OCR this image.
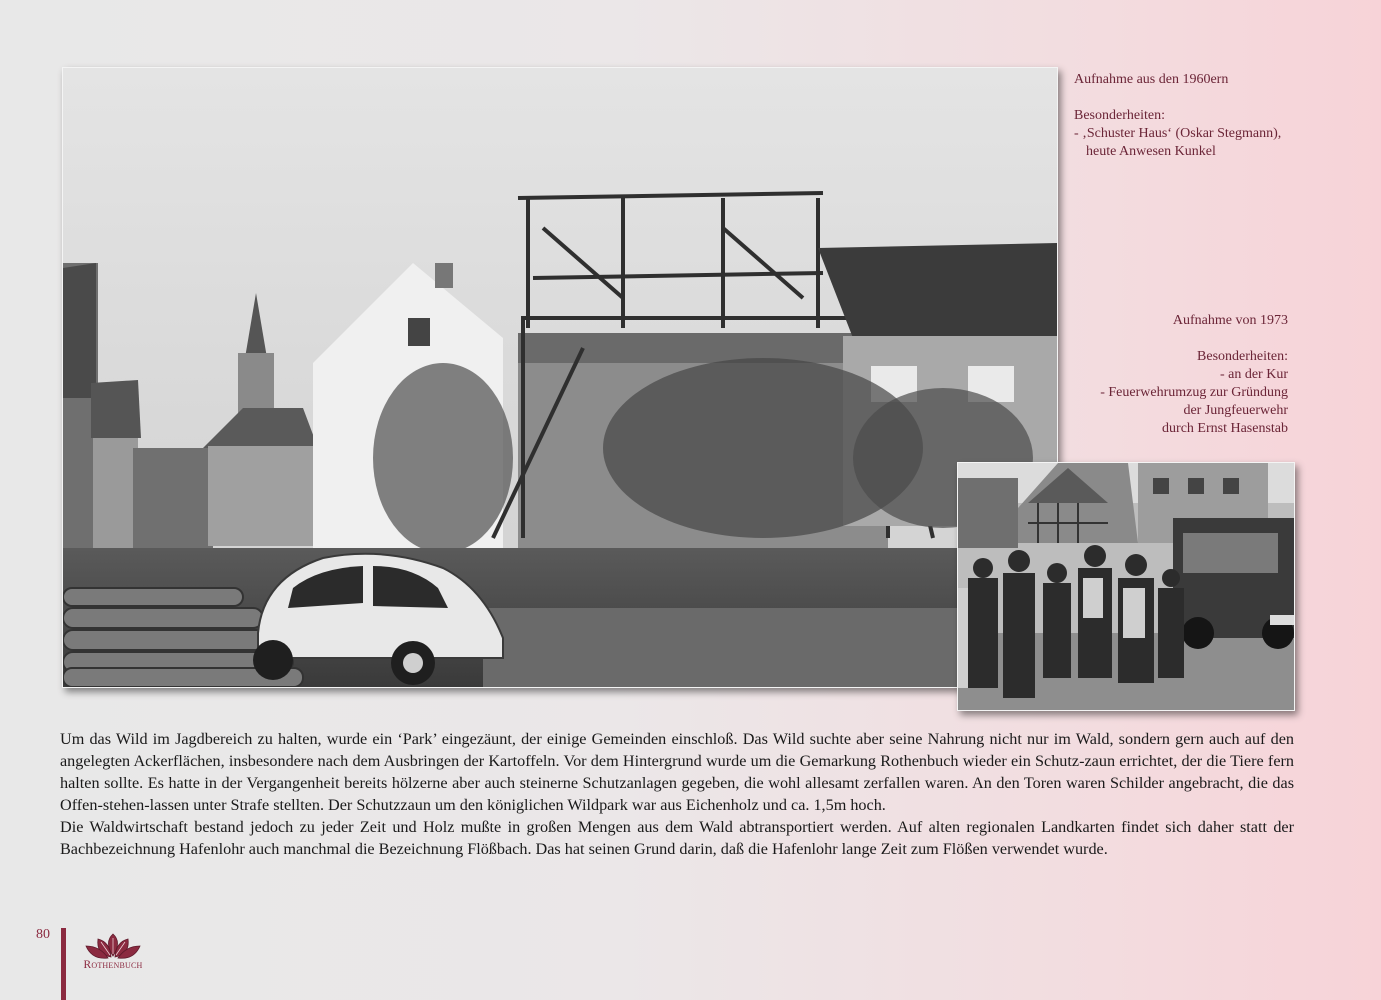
Aufnahme aus den 1960ern

Besonderheiten:

- ‚Schuster Haus‘ (Oskar Stegmann),

heute Anwesen Kunkel

Aufnahme von 1973

Besonderheiten:

- an der Kur

- Feuerwehrumzug zur Gründung

der Jungfeuerwehr

durch Ernst Hasenstab

Um das Wild im Jagdbereich zu halten, wurde ein ‘Park’ eingezäunt, der einige Gemeinden einschloß. Das Wild suchte aber seine Nahrung nicht nur im Wald, sondern gern auch auf den angelegten Ackerflächen, insbesondere nach dem Ausbringen der Kartoffeln. Vor dem Hintergrund wurde um die Gemarkung Rothenbuch wieder ein Schutz-zaun errichtet, der die Tiere fern halten sollte. Es hatte in der Vergangenheit bereits hölzerne aber auch steinerne Schutzanlagen gegeben, die wohl allesamt zerfallen waren. An den Toren waren Schilder angebracht, die das Offen-stehen-lassen unter Strafe stellten. Der Schutzzaun um den königlichen Wildpark war aus Eichenholz und ca. 1,5m hoch.

Die Waldwirtschaft bestand jedoch zu jeder Zeit und Holz mußte in großen Mengen aus dem Wald abtransportiert werden. Auf alten regionalen Landkarten findet sich daher statt der Bachbezeichnung Hafenlohr auch manchmal die Bezeichnung Flößbach. Das hat seinen Grund darin, daß die Hafenlohr lange Zeit zum Flößen verwendet wurde.

80
Rothenbuch
